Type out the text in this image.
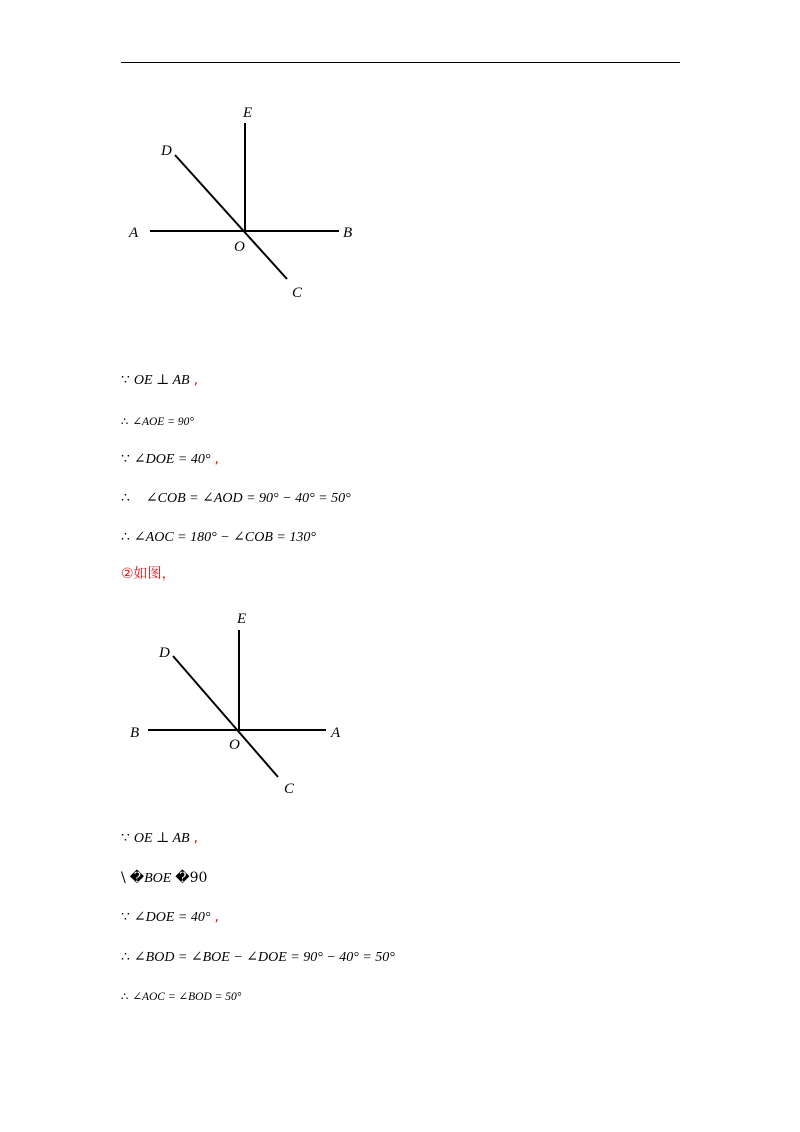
E
D
A
O
B
C
∵ OE ⊥ AB ,
∴ ∠AOE = 90°
∵ ∠DOE = 40° ,
∴ ∠COB = ∠AOD = 90° − 40° = 50°
∴ ∠AOC = 180° − ∠COB = 130°
②如图，
E
D
B
O
A
C
∵ OE ⊥ AB ,
\ �BOE �90
∵ ∠DOE = 40° ,
∴ ∠BOD = ∠BOE − ∠DOE = 90° − 40° = 50°
∴ ∠AOC = ∠BOD = 50°
